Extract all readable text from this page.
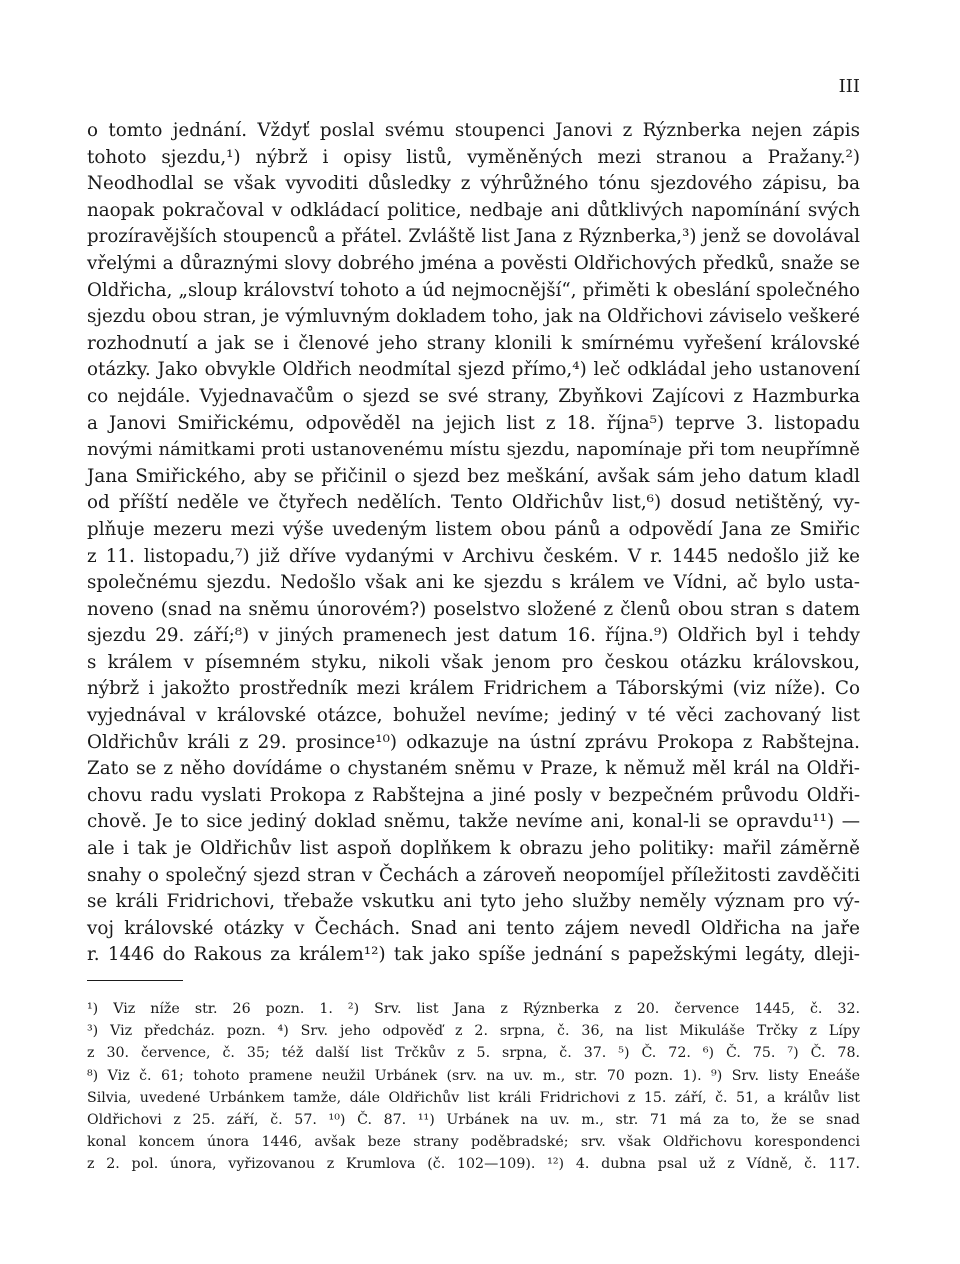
III
o tomto jednání. Vždyť poslal svému stoupenci Janovi z Rýznberka nejen zápis
tohoto sjezdu,¹) nýbrž i opisy listů, vyměněných mezi stranou a Pražany.²)
Neodhodlal se však vyvoditi důsledky z výhrůžného tónu sjezdového zápisu, ba
naopak pokračoval v odkládací politice, nedbaje ani důtklivých napomínání svých
prozíravějších stoupenců a přátel. Zvláště list Jana z Rýznberka,³) jenž se dovolával
vřelými a důraznými slovy dobrého jména a pověsti Oldřichových předků, snaže se
Oldřicha, „sloup království tohoto a úd nejmocnější“, přiměti k obeslání společného
sjezdu obou stran, je výmluvným dokladem toho, jak na Oldřichovi záviselo veškeré
rozhodnutí a jak se i členové jeho strany klonili k smírnému vyřešení královské
otázky. Jako obvykle Oldřich neodmítal sjezd přímo,⁴) leč odkládal jeho ustanovení
co nejdále. Vyjednavačům o sjezd se své strany, Zbyňkovi Zajícovi z Hazmburka
a Janovi Smiřickému, odpověděl na jejich list z 18. října⁵) teprve 3. listopadu
novými námitkami proti ustanovenému místu sjezdu, napomínaje při tom neupřímně
Jana Smiřického, aby se přičinil o sjezd bez meškání, avšak sám jeho datum kladl
od příští neděle ve čtyřech nedělích. Tento Oldřichův list,⁶) dosud netištěný, vy-
plňuje mezeru mezi výše uvedeným listem obou pánů a odpovědí Jana ze Smiřic
z 11. listopadu,⁷) již dříve vydanými v Archivu českém. V r. 1445 nedošlo již ke
společnému sjezdu. Nedošlo však ani ke sjezdu s králem ve Vídni, ač bylo usta-
noveno (snad na sněmu únorovém?) poselstvo složené z členů obou stran s datem
sjezdu 29. září;⁸) v jiných pramenech jest datum 16. října.⁹) Oldřich byl i tehdy
s králem v písemném styku, nikoli však jenom pro českou otázku královskou,
nýbrž i jakožto prostředník mezi králem Fridrichem a Táborskými (viz níže). Co
vyjednával v královské otázce, bohužel nevíme; jediný v té věci zachovaný list
Oldřichův králi z 29. prosince¹⁰) odkazuje na ústní zprávu Prokopa z Rabštejna.
Zato se z něho dovídáme o chystaném sněmu v Praze, k němuž měl král na Oldři-
chovu radu vyslati Prokopa z Rabštejna a jiné posly v bezpečném průvodu Oldři-
chově. Je to sice jediný doklad sněmu, takže nevíme ani, konal-li se opravdu¹¹) —
ale i tak je Oldřichův list aspoň doplňkem k obrazu jeho politiky: mařil záměrně
snahy o společný sjezd stran v Čechách a zároveň neopomíjel příležitosti zavděčiti
se králi Fridrichovi, třebaže vskutku ani tyto jeho služby neměly význam pro vý-
voj královské otázky v Čechách. Snad ani tento zájem nevedl Oldřicha na jaře
r. 1446 do Rakous za králem¹²) tak jako spíše jednání s papežskými legáty, dleji-
¹) Viz níže str. 26 pozn. 1. ²) Srv. list Jana z Rýznberka z 20. července 1445, č. 32.
³) Viz předcház. pozn. ⁴) Srv. jeho odpověď z 2. srpna, č. 36, na list Mikuláše Trčky z Lípy
z 30. července, č. 35; též další list Trčkův z 5. srpna, č. 37. ⁵) Č. 72. ⁶) Č. 75. ⁷) Č. 78.
⁸) Viz č. 61; tohoto pramene neužil Urbánek (srv. na uv. m., str. 70 pozn. 1). ⁹) Srv. listy Eneáše
Silvia, uvedené Urbánkem tamže, dále Oldřichův list králi Fridrichovi z 15. září, č. 51, a králův list
Oldřichovi z 25. září, č. 57. ¹⁰) Č. 87. ¹¹) Urbánek na uv. m., str. 71 má za to, že se snad
konal koncem února 1446, avšak beze strany poděbradské; srv. však Oldřichovu korespondenci
z 2. pol. února, vyřizovanou z Krumlova (č. 102—109). ¹²) 4. dubna psal už z Vídně, č. 117.
